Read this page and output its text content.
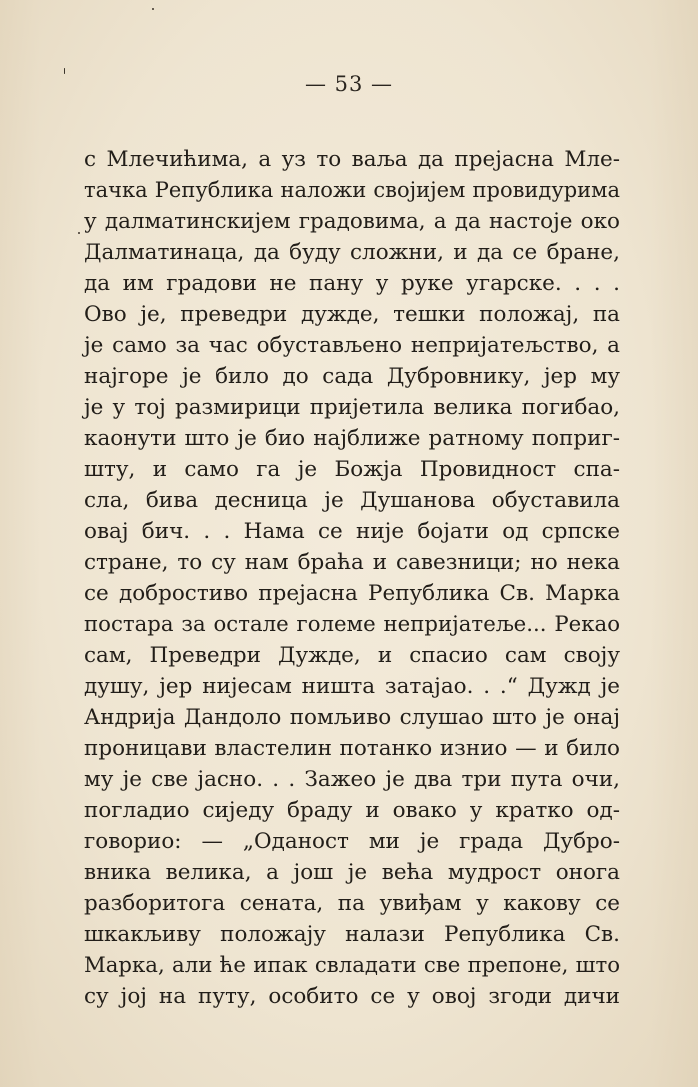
— 53 —
с Млечићима, а уз то ваља да прејасна Мле-
тачка Република наложи својијем провидурима
у далматинскијем градовима, а да настоје око
Далматинаца, да буду сложни, и да се бране,
да им градови не пану у руке угарске. . . .
Ово је, преведри дужде, тешки положај, па
је само за час обустављено непријатељство, а
најгоре је било до сада Дубровнику, јер му
је у тој размирици пријетила велика погибао,
каонути што је био најближе ратному поприг-
шту, и само га је Божја Провидност спа-
сла, бива десница је Душанова обуставила
овај бич. . . Нама се није бојати од српске
стране, то су нам браћа и савезници; но нека
се добростиво прејасна Република Св. Марка
постара за остале големе непријатеље... Рекао
сам, Преведри Дужде, и спасио сам своју
душу, јер нијесам ништа затајао. . .“ Дужд је
Андрија Дандоло помљиво слушао што је онај
проницави властелин потанко изнио — и било
му је све јасно. . . Зажео је два три пута очи,
погладио сиједу браду и овако у кратко од-
говорио: — „Оданост ми је града Дубро-
вника велика, а још је већа мудрост онога
разборитога сената, па увиђам у какову се
шкакљиву положају налази Република Св.
Марка, али ће ипак свладати све препоне, што
су јој на путу, особито се у овој згоди дичи
